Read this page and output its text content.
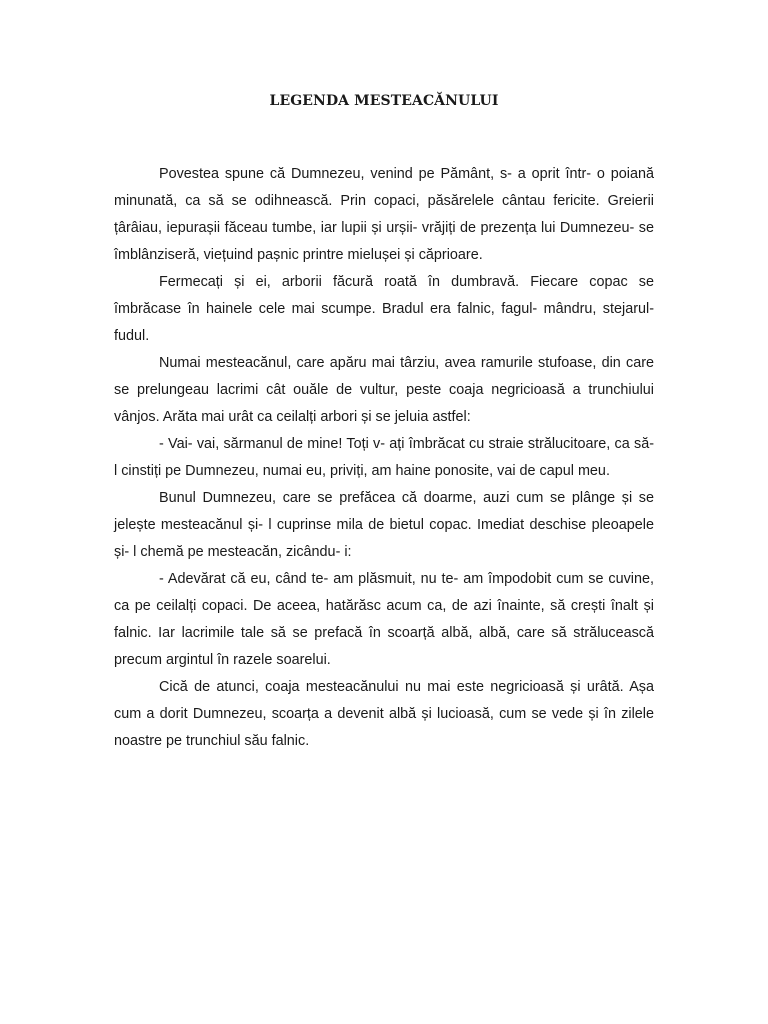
LEGENDA MESTEACĂNULUI

Povestea spune că Dumnezeu, venind pe Pământ, s- a oprit într- o poiană minunată, ca să se odihnească. Prin copaci, păsărelele cântau fericite. Greierii țârâiau, iepurașii făceau tumbe, iar lupii și urșii- vrăjiți de prezența lui Dumnezeu- se îmblânziseră, viețuind pașnic printre mielușei și căprioare.

Fermecați și ei, arborii făcură roată în dumbravă. Fiecare copac se îmbrăcase în hainele cele mai scumpe. Bradul era falnic, fagul- mândru, stejarul- fudul.

Numai mesteacănul, care apăru mai târziu, avea ramurile stufoase, din care se prelungeau lacrimi cât ouăle de vultur, peste coaja negricioasă a trunchiului vânjos. Arăta mai urât ca ceilalți arbori și se jeluia astfel:

- Vai- vai, sărmanul de mine! Toți v- ați îmbrăcat cu straie strălucitoare, ca să- l cinstiți pe Dumnezeu, numai eu, priviți, am haine ponosite, vai de capul meu.

Bunul Dumnezeu, care se prefăcea că doarme, auzi cum se plânge și se jelește mesteacănul și- l cuprinse mila de bietul copac. Imediat deschise pleoapele și- l chemă pe mesteacăn, zicându- i:

- Adevărat că eu, când te- am plăsmuit, nu te- am împodobit cum se cuvine, ca pe ceilalți copaci. De aceea, hatărăsc acum ca, de azi înainte, să crești înalt și falnic. Iar lacrimile tale să se prefacă în scoarță albă, albă, care să strălucească precum argintul în razele soarelui.

Cică de atunci, coaja mesteacănului nu mai este negricioasă și urâtă. Așa cum a dorit Dumnezeu, scoarța a devenit albă și lucioasă, cum se vede și în zilele noastre pe trunchiul său falnic.
